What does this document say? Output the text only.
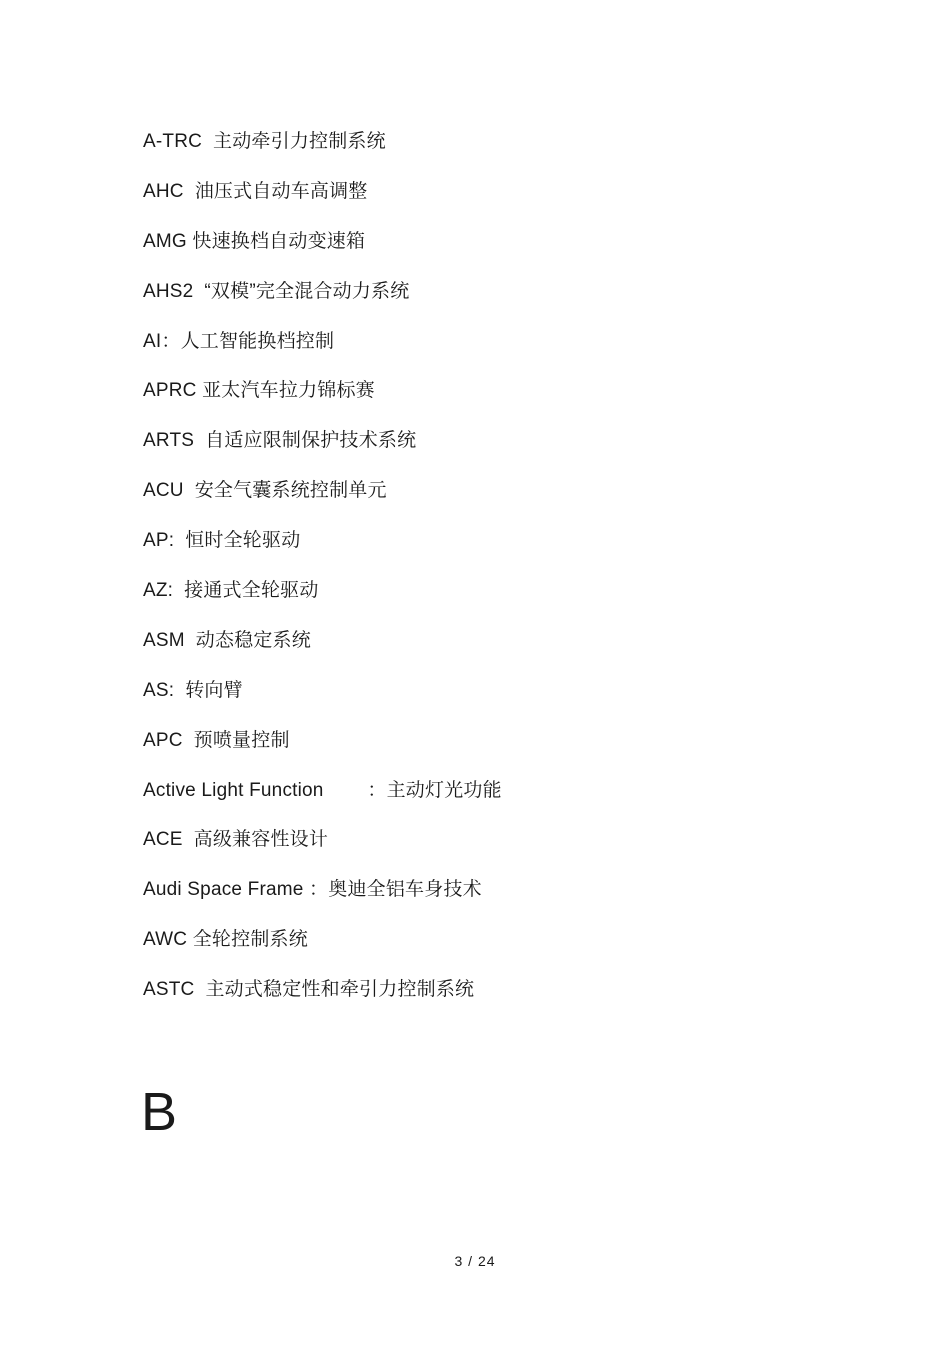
A-TRC 主动牵引力控制系统
AHC 油压式自动车高调整
AMG 快速换档自动变速箱
AHS2 “双模”完全混合动力系统
AI：人工智能换档控制
APRC 亚太汽车拉力锦标赛
ARTS 自适应限制保护技术系统
ACU 安全气囊系统控制单元
AP: 恒时全轮驱动
AZ: 接通式全轮驱动
ASM 动态稳定系统
AS: 转向臂
APC 预喷量控制
Active Light Function        ：主动灯光功能
ACE 高级兼容性设计
Audi Space Frame ：奥迪全铝车身技术
AWC 全轮控制系统
ASTC 主动式稳定性和牵引力控制系统
B
3 / 24
